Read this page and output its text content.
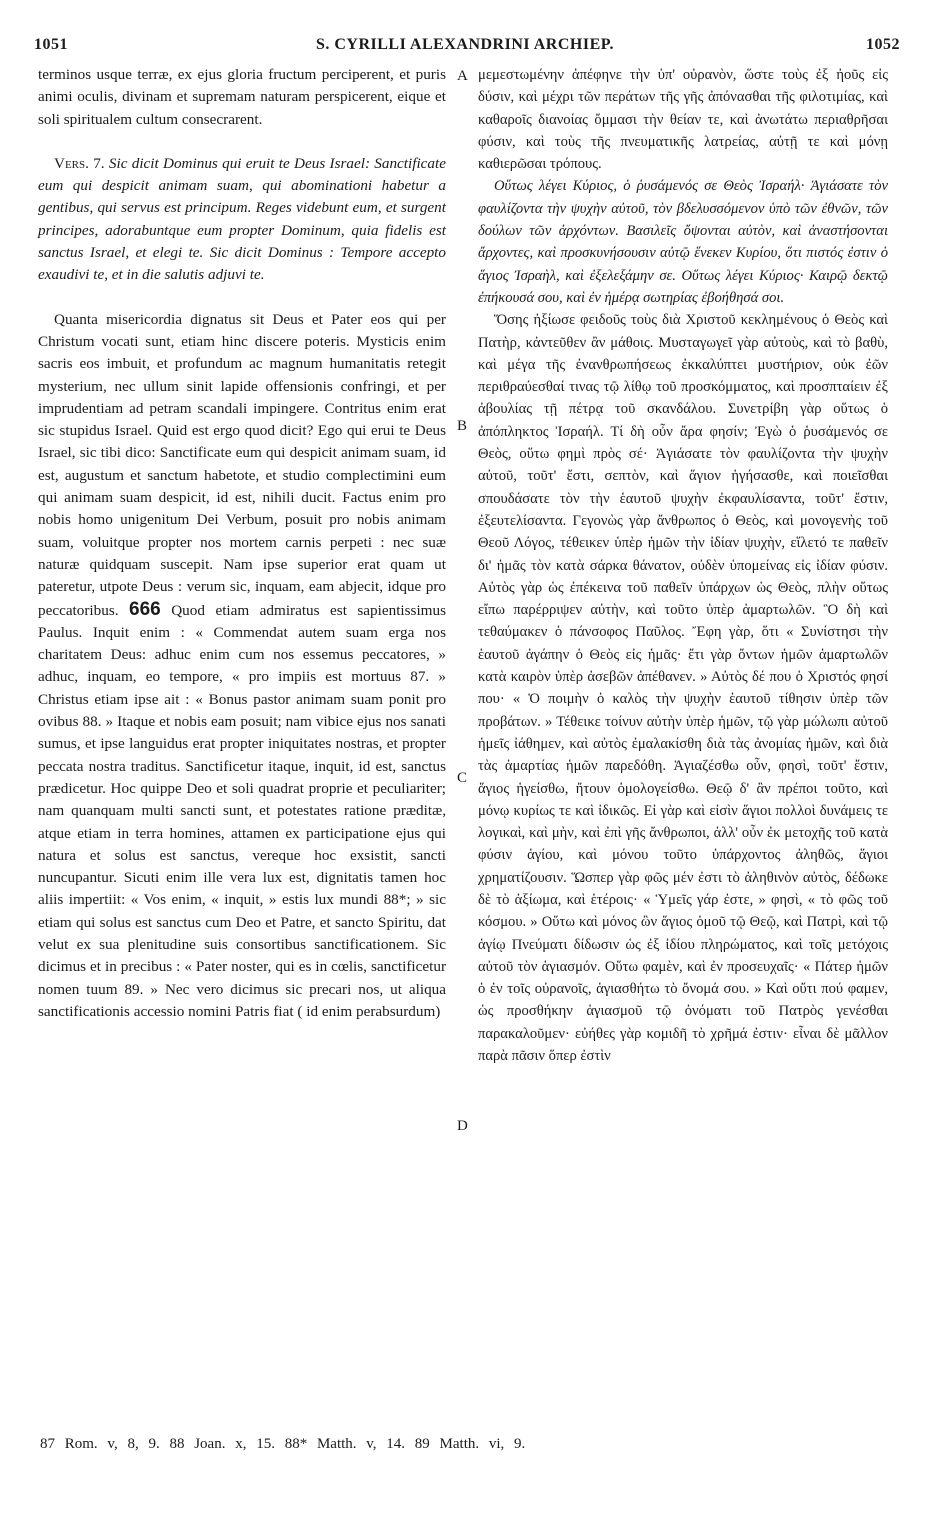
1051	S. CYRILLI ALEXANDRINI ARCHIEP.	1052
A
B
C
D

terminos usque terræ, ex ejus gloria fructum perciperent, et puris animi oculis, divinam et supremam naturam perspicerent, eique et soli spiritualem cultum consecrarent.

Vers. 7. Sic dicit Dominus qui eruit te Deus Israel: Sanctificate eum qui despicit animam suam, qui abominationi habetur a gentibus, qui servus est principum. Reges videbunt eum, et surgent principes, adorabuntque eum propter Dominum, quia fidelis est sanctus Israel, et elegi te. Sic dicit Dominus : Tempore accepto exaudivi te, et in die salutis adjuvi te.

Quanta misericordia dignatus sit Deus et Pater eos qui per Christum vocati sunt, etiam hinc discere poteris. Mysticis enim sacris eos imbuit, et profundum ac magnum humanitatis retegit mysterium, nec ullum sinit lapide offensionis confringi, et per imprudentiam ad petram scandali impingere. Contritus enim erat sic stupidus Israel. Quid est ergo quod dicit? Ego qui erui te Deus Israel, sic tibi dico: Sanctificate eum qui despicit animam suam, id est, augustum et sanctum habetote, et studio complectimini eum qui animam suam despicit, id est, nihili ducit. Factus enim pro nobis homo unigenitum Dei Verbum, posuit pro nobis animam suam, voluitque propter nos mortem carnis perpeti : nec suæ naturæ quidquam suscepit. Nam ipse superior erat quam ut pateretur, utpote Deus : verum sic, inquam, eam abjecit, idque pro peccatoribus. 666 Quod etiam admiratus est sapientissimus Paulus. Inquit enim : « Commendat autem suam erga nos charitatem Deus: adhuc enim cum nos essemus peccatores, » adhuc, inquam, eo tempore, « pro impiis est mortuus 87. » Christus etiam ipse ait : « Bonus pastor animam suam ponit pro ovibus 88. » Itaque et nobis eam posuit; nam vibice ejus nos sanati sumus, et ipse languidus erat propter iniquitates nostras, et propter peccata nostra traditus. Sanctificetur itaque, inquit, id est, sanctus prædicetur. Hoc quippe Deo et soli quadrat proprie et peculiariter; nam quanquam multi sancti sunt, et potestates ratione præditæ, atque etiam in terra homines, attamen ex participatione ejus qui natura et solus est sanctus, vereque hoc exsistit, sancti nuncupantur. Sicuti enim ille vera lux est, dignitatis tamen hoc aliis impertiit: « Vos enim, « inquit, » estis lux mundi 88*; » sic etiam qui solus est sanctus cum Deo et Patre, et sancto Spiritu, dat velut ex sua plenitudine suis consortibus sanctificationem. Sic dicimus et in precibus : « Pater noster, qui es in cœlis, sanctificetur nomen tuum 89. » Nec vero dicimus sic precari nos, ut aliqua sanctificationis accessio nomini Patris fiat ( id enim perabsurdum)

μεμεστωμένην ἀπέφηνε τὴν ὑπ' οὐρανὸν, ὥστε τοὺς ἐξ ἠοῦς εἰς δύσιν, καὶ μέχρι τῶν περάτων τῆς γῆς ἀπόνασθαι τῆς φιλοτιμίας, καὶ καθαροῖς διανοίας ὄμμασι τὴν θείαν τε, καὶ ἀνωτάτω περιαθρῆσαι φύσιν, καὶ τοὺς τῆς πνευματικῆς λατρείας, αὐτῇ τε καὶ μόνῃ καθιερῶσαι τρόπους.

Οὕτως λέγει Κύριος, ὁ ῥυσάμενός σε Θεὸς Ἰσραήλ· Ἁγιάσατε τὸν φαυλίζοντα τὴν ψυχὴν αὐτοῦ, τὸν βδελυσσόμενον ὑπὸ τῶν ἐθνῶν, τῶν δούλων τῶν ἀρχόντων. Βασιλεῖς ὄψονται αὐτὸν, καὶ ἀναστήσονται ἄρχοντες, καὶ προσκυνήσουσιν αὐτῷ ἕνεκεν Κυρίου, ὅτι πιστός ἐστιν ὁ ἅγιος Ἰσραὴλ, καὶ ἐξελεξάμην σε. Οὕτως λέγει Κύριος· Καιρῷ δεκτῷ ἐπήκουσά σου, καὶ ἐν ἡμέρᾳ σωτηρίας ἐβοήθησά σοι.

Ὅσης ἠξίωσε φειδοῦς τοὺς διὰ Χριστοῦ κεκλημένους ὁ Θεὸς καὶ Πατὴρ, κἀντεῦθεν ἂν μάθοις. Μυσταγωγεῖ γὰρ αὐτοὺς, καὶ τὸ βαθὺ, καὶ μέγα τῆς ἐνανθρωπήσεως ἐκκαλύπτει μυστήριον, οὐκ ἐῶν περιθραύεσθαί τινας τῷ λίθῳ τοῦ προσκόμματος, καὶ προσπταίειν ἐξ ἀβουλίας τῇ πέτρᾳ τοῦ σκανδάλου. Συνετρίβη γὰρ οὕτως ὁ ἀπόπληκτος Ἰσραήλ. Τί δὴ οὖν ἄρα φησίν; Ἐγὼ ὁ ῥυσάμενός σε Θεὸς, οὕτω φημὶ πρὸς σέ· Ἁγιάσατε τὸν φαυλίζοντα τὴν ψυχὴν αὐτοῦ, τοῦτ' ἔστι, σεπτὸν, καὶ ἅγιον ἡγήσασθε, καὶ ποιεῖσθαι σπουδάσατε τὸν τὴν ἑαυτοῦ ψυχὴν ἐκφαυλίσαντα, τοῦτ' ἔστιν, ἐξευτελίσαντα. Γεγονὼς γὰρ ἄνθρωπος ὁ Θεὸς, καὶ μονογενὴς τοῦ Θεοῦ Λόγος, τέθεικεν ὑπὲρ ἡμῶν τὴν ἰδίαν ψυχὴν, εἵλετό τε παθεῖν δι' ἡμᾶς τὸν κατὰ σάρκα θάνατον, οὐδὲν ὑπομείνας εἰς ἰδίαν φύσιν. Αὐτὸς γὰρ ὡς ἐπέκεινα τοῦ παθεῖν ὑπάρχων ὡς Θεὸς, πλὴν οὕτως εἴπω παρέρριψεν αὐτὴν, καὶ τοῦτο ὑπὲρ ἁμαρτωλῶν. Ὃ δὴ καὶ τεθαύμακεν ὁ πάνσοφος Παῦλος. Ἔφη γὰρ, ὅτι « Συνίστησι τὴν ἑαυτοῦ ἀγάπην ὁ Θεὸς εἰς ἡμᾶς· ἔτι γὰρ ὄντων ἡμῶν ἁμαρτωλῶν κατὰ καιρὸν ὑπὲρ ἀσεβῶν ἀπέθανεν. » Αὐτὸς δέ που ὁ Χριστός φησί που· « Ὁ ποιμὴν ὁ καλὸς τὴν ψυχὴν ἑαυτοῦ τίθησιν ὑπὲρ τῶν προβάτων. » Τέθεικε τοίνυν αὐτὴν ὑπὲρ ἡμῶν, τῷ γὰρ μώλωπι αὐτοῦ ἡμεῖς ἰάθημεν, καὶ αὐτὸς ἐμαλακίσθη διὰ τὰς ἀνομίας ἡμῶν, καὶ διὰ τὰς ἁμαρτίας ἡμῶν παρεδόθη. Ἁγιαζέσθω οὖν, φησὶ, τοῦτ' ἔστιν, ἅγιος ἡγείσθω, ἤτουν ὁμολογείσθω. Θεῷ δ' ἂν πρέποι τοῦτο, καὶ μόνῳ κυρίως τε καὶ ἰδικῶς. Εἰ γὰρ καὶ εἰσὶν ἅγιοι πολλοὶ δυνάμεις τε λογικαὶ, καὶ μὴν, καὶ ἐπὶ γῆς ἄνθρωποι, ἀλλ' οὖν ἐκ μετοχῆς τοῦ κατὰ φύσιν ἁγίου, καὶ μόνου τοῦτο ὑπάρχοντος ἀληθῶς, ἅγιοι χρηματίζουσιν. Ὥσπερ γὰρ φῶς μέν ἐστι τὸ ἀληθινὸν αὐτὸς, δέδωκε δὲ τὸ ἀξίωμα, καὶ ἑτέροις· « Ὑμεῖς γάρ ἐστε, » φησὶ, « τὸ φῶς τοῦ κόσμου. » Οὕτω καὶ μόνος ὢν ἅγιος ὁμοῦ τῷ Θεῷ, καὶ Πατρὶ, καὶ τῷ ἁγίῳ Πνεύματι δίδωσιν ὡς ἐξ ἰδίου πληρώματος, καὶ τοῖς μετόχοις αὐτοῦ τὸν ἁγιασμόν. Οὕτω φαμὲν, καὶ ἐν προσευχαῖς· « Πάτερ ἡμῶν ὁ ἐν τοῖς οὐρανοῖς, ἁγιασθήτω τὸ ὄνομά σου. » Καὶ οὔτι πού φαμεν, ὡς προσθήκην ἁγιασμοῦ τῷ ὀνόματι τοῦ Πατρὸς γενέσθαι παρακαλοῦμεν· εὐήθες γὰρ κομιδῆ τὸ χρῆμά ἐστιν· εἶναι δὲ μᾶλλον παρὰ πᾶσιν ὅπερ ἐστὶν

87 Rom. v, 8, 9. 88 Joan. x, 15. 88* Matth. v, 14. 89 Matth. vi, 9.
